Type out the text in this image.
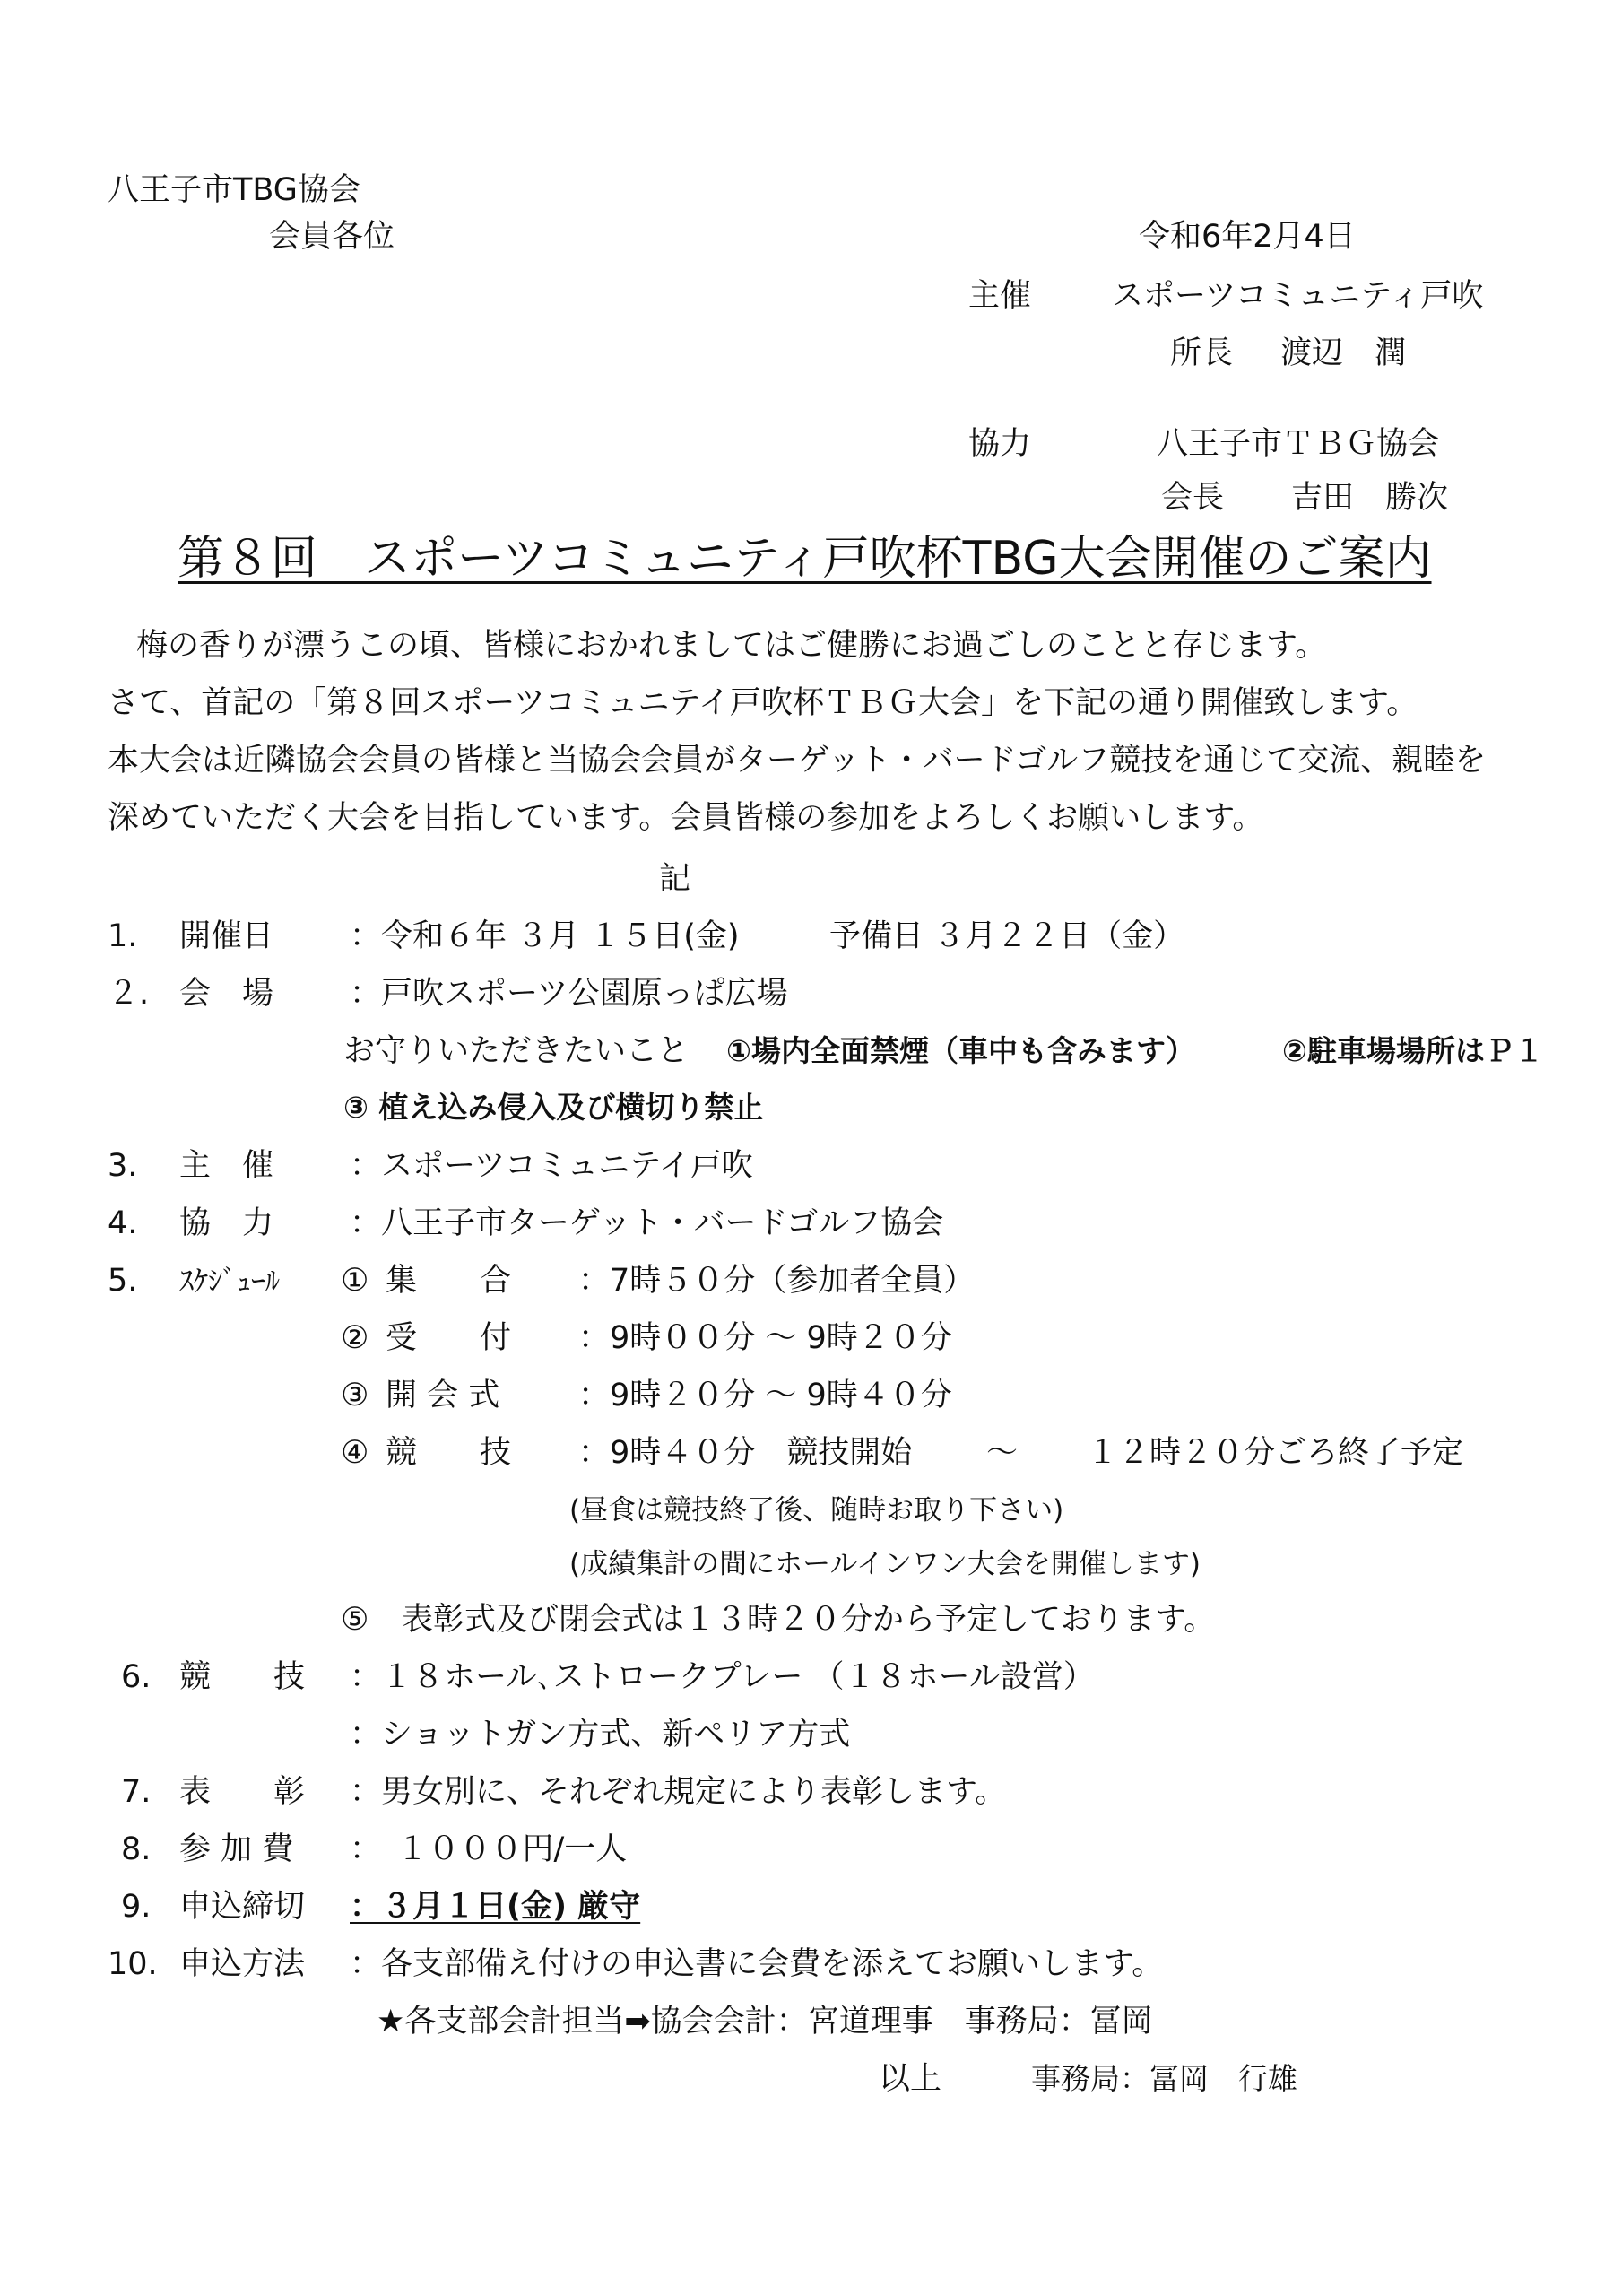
八王子市TBG協会
会員各位	令和6年2月4日
主催	スポーツコミュニティ戸吹
所長 渡辺　潤
協力	八王子市ＴＢＧ協会
会長 吉田　勝次
第８回　スポーツコミュニティ戸吹杯TBG大会開催のご案内
梅の香りが漂うこの頃、皆様におかれましてはご健勝にお過ごしのことと存じます。
さて、首記の「第８回スポーツコミュニテイ戸吹杯ＴＢＧ大会」を下記の通り開催致します。
本大会は近隣協会会員の皆様と当協会会員がターゲット・バードゴルフ競技を通じて交流、親睦を
深めていただく大会を目指しています。会員皆様の参加をよろしくお願いします。
記
1. 開催日 ：令和６年 ３月 １５日(金)	予備日 ３月２２日（金）
２. 会　場 ：戸吹スポーツ公園原っぱ広場
お守りいただきたいこと ①場内全面禁煙（車中も含みます）	②駐車場場所はＰ１
③ 植え込み侵入及び横切り禁止
3. 主　催 ：スポーツコミュニテイ戸吹
4. 協　力 ：八王子市ターゲット・バードゴルフ協会
5. ｽｹｼﾞｭｰﾙ ① 集　　合 ：7時５０分（参加者全員）
② 受　　付 ：9時００分 ～ 9時２０分
③ 開 会 式	：9時２０分 ～ 9時４０分
④ 競　　技 ：9時４０分　競技開始 ～ １２時２０分ごろ終了予定
(昼食は競技終了後、随時お取り下さい)
(成績集計の間にホールインワン大会を開催します)
⑤ 表彰式及び閉会式は１３時２０分から予定しております。
6. 競　　技 ：１８ホール､ストロークプレー （１８ホール設営）
：ショットガン方式、新ペリア方式
7. 表　　彰 ：男女別に、それぞれ規定により表彰します。
8. 参 加 費 ：　１０００円/一人
9. 申込締切 ：３月１日(金) 厳守
10. 申込方法 ：各支部備え付けの申込書に会費を添えてお願いします。
★各支部会計担当➡協会会計：宮道理事　事務局：冨岡
以上	事務局：冨岡　行雄
